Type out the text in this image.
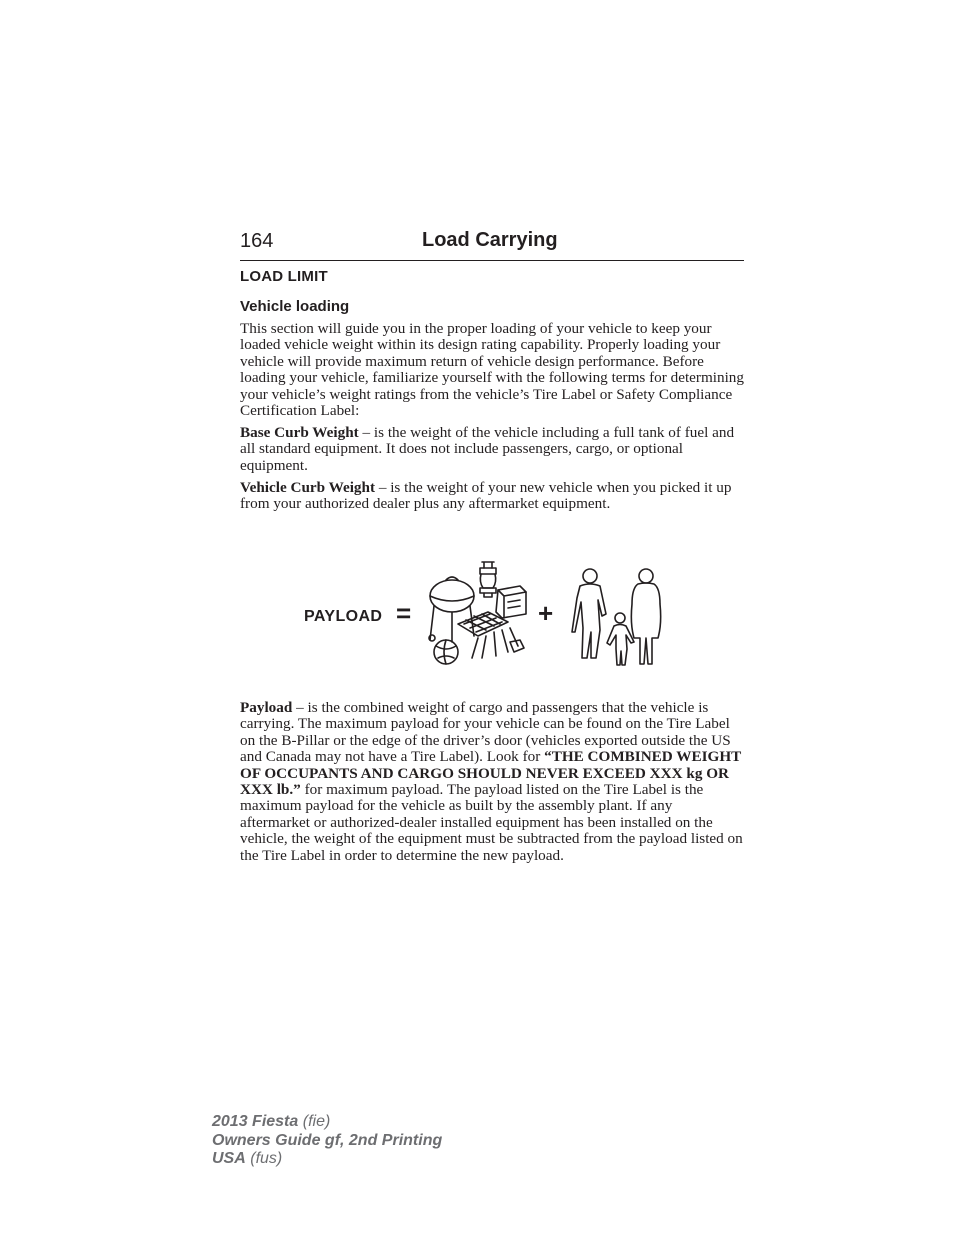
164	Load Carrying
LOAD LIMIT
Vehicle loading
This section will guide you in the proper loading of your vehicle to keep your loaded vehicle weight within its design rating capability. Properly loading your vehicle will provide maximum return of vehicle design performance. Before loading your vehicle, familiarize yourself with the following terms for determining your vehicle’s weight ratings from the vehicle’s Tire Label or Safety Compliance Certification Label:
Base Curb Weight – is the weight of the vehicle including a full tank of fuel and all standard equipment. It does not include passengers, cargo, or optional equipment.
Vehicle Curb Weight – is the weight of your new vehicle when you picked it up from your authorized dealer plus any aftermarket equipment.
PAYLOAD =	+
Payload – is the combined weight of cargo and passengers that the vehicle is carrying. The maximum payload for your vehicle can be found on the Tire Label on the B-Pillar or the edge of the driver’s door (vehicles exported outside the US and Canada may not have a Tire Label). Look for “THE COMBINED WEIGHT OF OCCUPANTS AND CARGO SHOULD NEVER EXCEED XXX kg OR XXX lb.” for maximum payload. The payload listed on the Tire Label is the maximum payload for the vehicle as built by the assembly plant. If any aftermarket or authorized-dealer installed equipment has been installed on the vehicle, the weight of the equipment must be subtracted from the payload listed on the Tire Label in order to determine the new payload.
2013 Fiesta (fie)
Owners Guide gf, 2nd Printing
USA (fus)
